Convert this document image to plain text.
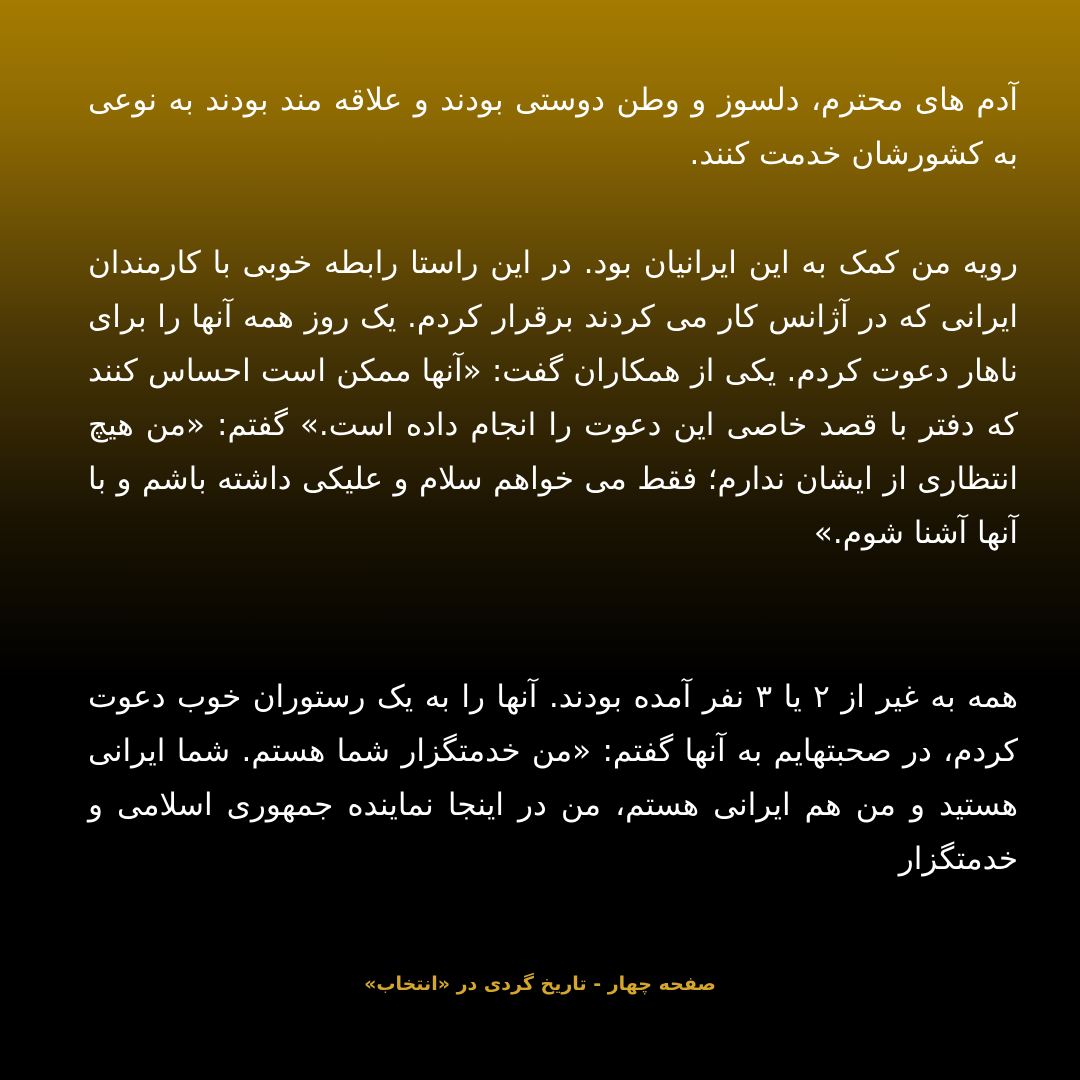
آدم های محترم، دلسوز و وطن دوستی بودند و علاقه مند بودند به نوعی به کشورشان خدمت کنند.

رویه من کمک به این ایرانیان بود. در این راستا رابطه خوبی با کارمندان ایرانی که در آژانس کار می کردند برقرار کردم. یک روز همه آنها را برای ناهار دعوت کردم. یکی از همکاران گفت: «آنها ممکن است احساس کنند که دفتر با قصد خاصی این دعوت را انجام داده است.» گفتم: «من هیچ انتظاری از ایشان ندارم؛ فقط می خواهم سلام و علیکی داشته باشم و با آنها آشنا شوم.»

همه به غیر از ۲ یا ۳ نفر آمده بودند. آنها را به یک رستوران خوب دعوت کردم، در صحبتهایم به آنها گفتم: «من خدمتگزار شما هستم. شما ایرانی هستید و من هم ایرانی هستم، من در اینجا نماینده جمهوری اسلامی و خدمتگزار

صفحه چهار - تاریخ گردی در «انتخاب»
